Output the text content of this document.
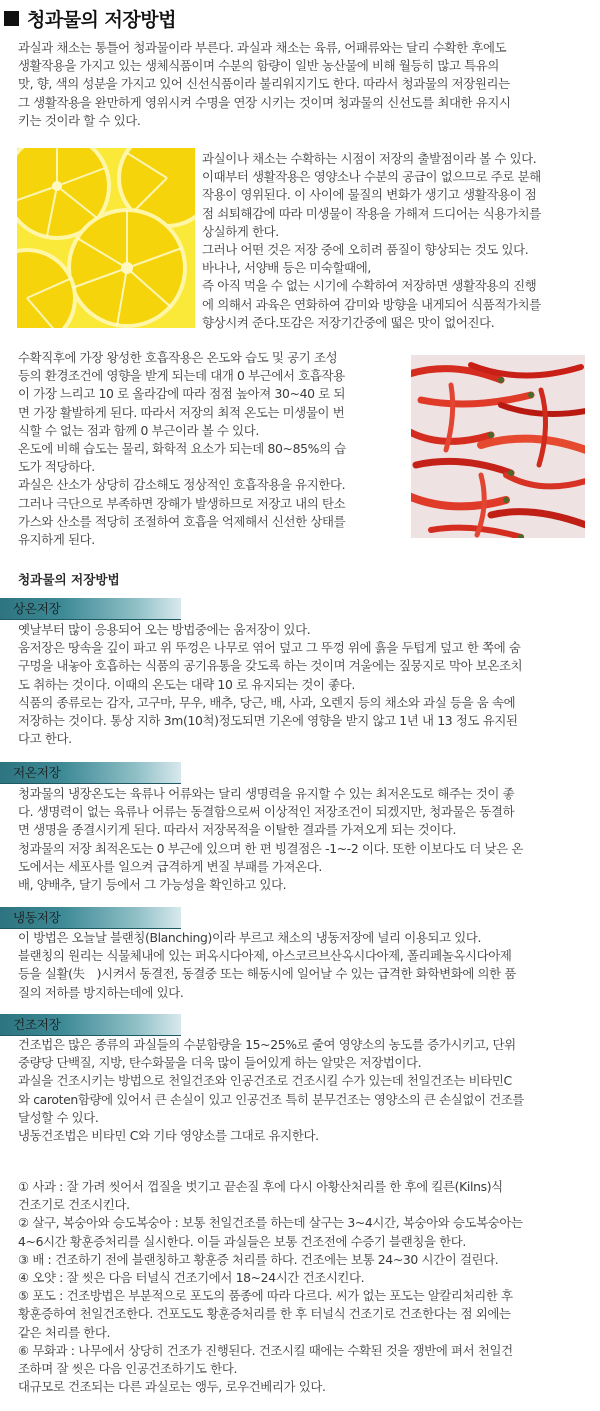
청과물의 저장방법

과실과 채소는 통틀어 청과물이라 부른다. 과실과 채소는 육류, 어패류와는 달리 수확한 후에도

생활작용을 가지고 있는 생체식품이며 수분의 함량이 일반 농산물에 비해 월등히 많고 특유의

맛, 향, 색의 성분을 가지고 있어 신선식품이라 불리워지기도 한다. 따라서 청과물의 저장원리는

그 생활작용을 완만하게 영위시켜 수명을 연장 시키는 것이며 청과물의 신선도를 최대한 유지시

키는 것이라 할 수 있다.

과실이나 채소는 수확하는 시점이 저장의 출발점이라 볼 수 있다.

이때부터 생활작용은 영양소나 수분의 공급이 없으므로 주로 분해

작용이 영위된다. 이 사이에 물질의 변화가 생기고 생활작용이 점

점 쇠퇴해감에 따라 미생물이 작용을 가해져 드디어는 식용가치를

상실하게 한다.

그러나 어떤 것은 저장 중에 오히려 품질이 향상되는 것도 있다.

바나나, 서양배 등은 미숙할때에,

즉 아직 먹을 수 없는 시기에 수확하여 저장하면 생활작용의 진행

에 의해서 과육은 연화하여 감미와 방향을 내게되어 식품적가치를

향상시켜 준다.또감은 저장기간중에 떫은 맛이 없어진다.

수확직후에 가장 왕성한 호흡작용은 온도와 습도 및 공기 조성

등의 환경조건에 영향을 받게 되는데 대개 0 부근에서 호흡작용

이 가장 느리고 10 로 올라감에 따라 점점 높아져 30~40 로 되

면 가장 활발하게 된다. 따라서 저장의 최적 온도는 미생물이 번

식할 수 없는 점과 함께 0 부근이라 볼 수 있다.

온도에 비해 습도는 물리, 화학적 요소가 되는데 80~85%의 습

도가 적당하다.

과실은 산소가 상당히 감소해도 정상적인 호흡작용을 유지한다.

그러나 극단으로 부족하면 장해가 발생하므로 저장고 내의 탄소

가스와 산소를 적당히 조절하여 호흡을 억제해서 신선한 상태를

유지하게 된다.

청과물의 저장방법
상온저장

옛날부터 많이 응용되어 오는 방법중에는 움저장이 있다.

움저장은 땅속을 깊이 파고 위 뚜껑은 나무로 엮어 덮고 그 뚜껑 위에 흙을 두텁게 덮고 한 쪽에 숨

구멍을 내놓아 호흡하는 식품의 공기유통을 갖도록 하는 것이며 겨울에는 짚뭉지로 막아 보온조치

도 취하는 것이다. 이때의 온도는 대략 10 로 유지되는 것이 좋다.

식품의 종류로는 감자, 고구마, 무우, 배추, 당근, 배, 사과, 오렌지 등의 채소와 과실 등을 움 속에

저장하는 것이다. 통상 지하 3m(10척)정도되면 기온에 영향을 받지 않고 1년 내 13 정도 유지된

다고 한다.

저온저장

청과물의 냉장온도는 육류나 어류와는 달리 생명력을 유지할 수 있는 최저온도로 해주는 것이 좋

다. 생명력이 없는 육류나 어류는 동결함으로써 이상적인 저장조건이 되겠지만, 청과물은 동결하

면 생명을 종결시키게 된다. 따라서 저장목적을 이탈한 결과를 가져오게 되는 것이다.

청과물의 저장 최적온도는 0 부근에 있으며 한 편 빙결점은 -1~-2 이다. 또한 이보다도 더 낮은 온

도에서는 세포사를 일으켜 급격하게 변질 부패를 가져온다.

배, 양배추, 달기 등에서 그 가능성을 확인하고 있다.

냉동저장

이 방법은 오늘날 블랜칭(Blanching)이라 부르고 채소의 냉동저장에 널리 이용되고 있다.

블랜칭의 원리는 식물체내에 있는 퍼옥시다아제, 아스코르브산옥시다아제, 폴리페놀옥시다아제

등을 실활(失　)시켜서 동결전, 동결중 또는 해동시에 일어날 수 있는 급격한 화학변화에 의한 품

질의 저하를 방지하는데에 있다.

건조저장

건조법은 많은 종류의 과실들의 수분함량을 15~25%로 줄여 영양소의 농도를 증가시키고, 단위

중량당 단백질, 지방, 탄수화물을 더욱 많이 들어있게 하는 알맞은 저장법이다.

과실을 건조시키는 방법으로 천일건조와 인공건조로 건조시킬 수가 있는데 천일건조는 비타민C

와 caroten함량에 있어서 큰 손실이 있고 인공건조 특히 분무건조는 영양소의 큰 손실없이 건조를

달성할 수 있다.

냉동건조법은 비타민 C와 기타 영양소를 그대로 유지한다.

① 사과 : 잘 가려 씻어서 껍질을 벗기고 끝손질 후에 다시 아황산처리를 한 후에 킬른(Kilns)식

건조기로 건조시킨다.

② 살구, 복숭아와 승도복숭아 : 보통 천일건조를 하는데 살구는 3~4시간, 복숭아와 승도복숭아는

4~6시간 황훈증처리를 실시한다. 이들 과실들은 보통 건조전에 수증기 블랜칭을 한다.

③ 배 : 건조하기 전에 블랜칭하고 황훈증 처리를 하다. 건조에는 보통 24~30 시간이 걸린다.

④ 오얏 : 잘 씻은 다음 터널식 건조기에서 18~24시간 건조시킨다.

⑤ 포도 : 건조방법은 부분적으로 포도의 품종에 따라 다르다. 씨가 없는 포도는 알칼리처리한 후

황훈증하여 천일건조한다. 건포도도 황훈증처리를 한 후 터널식 건조기로 건조한다는 점 외에는

같은 처리를 한다.

⑥ 무화과 : 나무에서 상당히 건조가 진행된다. 건조시킬 때에는 수확된 것을 쟁반에 펴서 천일건

조하며 잘 씻은 다음 인공건조하기도 한다.

대규모로 건조되는 다른 과실로는 앵두, 로우건베리가 있다.
